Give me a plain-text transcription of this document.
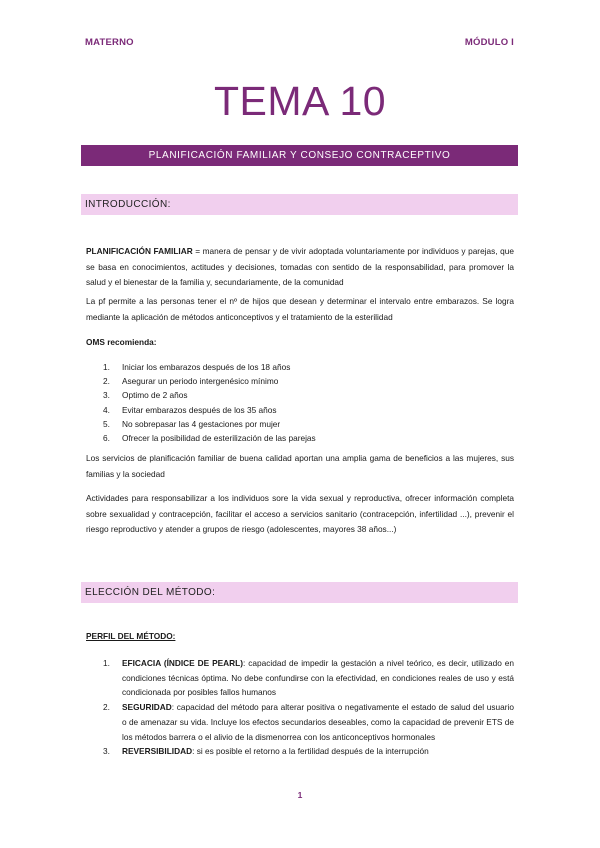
MATERNO	MÓDULO I
TEMA 10
PLANIFICACIÓN FAMILIAR Y CONSEJO CONTRACEPTIVO
INTRODUCCIÓN:
PLANIFICACIÓN FAMILIAR = manera de pensar y de vivir adoptada voluntariamente por individuos y parejas, que se basa en conocimientos, actitudes y decisiones, tomadas con sentido de la responsabilidad, para promover la salud y el bienestar de la familia y, secundariamente, de la comunidad
La pf permite a las personas tener el nº de hijos que desean y determinar el intervalo entre embarazos. Se logra mediante la aplicación de métodos anticonceptivos y el tratamiento de la esterilidad
OMS recomienda:
1. Iniciar los embarazos después de los 18 años
2. Asegurar un periodo intergenésico mínimo
3. Optimo de 2 años
4. Evitar embarazos después de los 35 años
5. No sobrepasar las 4 gestaciones por mujer
6. Ofrecer la posibilidad de esterilización de las parejas
Los servicios de planificación familiar de buena calidad aportan una amplia gama de beneficios a las mujeres, sus familias y la sociedad
Actividades para responsabilizar a los individuos sore la vida sexual y reproductiva, ofrecer información completa sobre sexualidad y contracepción, facilitar el acceso a servicios sanitario (contracepción, infertilidad ...), prevenir el riesgo reproductivo y atender a grupos de riesgo (adolescentes, mayores 38 años...)
ELECCIÓN DEL MÉTODO:
PERFIL DEL MÉTODO:
1. EFICACIA (ÍNDICE DE PEARL): capacidad de impedir la gestación a nivel teórico, es decir, utilizado en condiciones técnicas óptima. No debe confundirse con la efectividad, en condiciones reales de uso y está condicionada por posibles fallos humanos
2. SEGURIDAD: capacidad del método para alterar positiva o negativamente el estado de salud del usuario o de amenazar su vida. Incluye los efectos secundarios deseables, como la capacidad de prevenir ETS de los métodos barrera o el alivio de la dismenorrea con los anticonceptivos hormonales
3. REVERSIBILIDAD: si es posible el retorno a la fertilidad después de la interrupción
1
